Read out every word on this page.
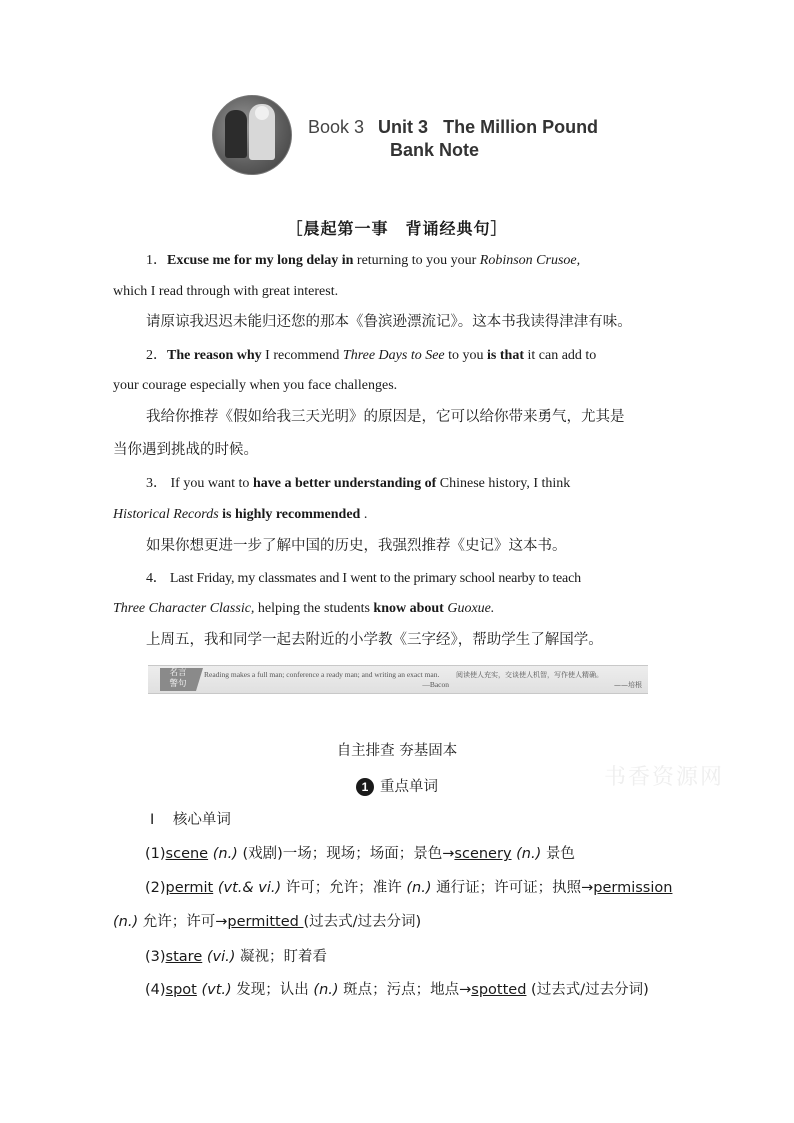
Book 3 Unit 3 The Million Pound
Bank Note
［晨起第一事　背诵经典句］
1．Excuse me for my long delay in returning to you your Robinson Crusoe,
which I read through with great interest.
请原谅我迟迟未能归还您的那本《鲁滨逊漂流记》。这本书我读得津津有味。
2．The reason why I recommend Three Days to See to you is that it can add to
your courage especially when you face challenges.
我给你推荐《假如给我三天光明》的原因是，它可以给你带来勇气，尤其是
当你遇到挑战的时候。
3． If you want to have a better understanding of Chinese history, I think
Historical Records is highly recommended .
如果你想更进一步了解中国的历史，我强烈推荐《史记》这本书。
4． Last Friday, my classmates and I went to the primary school nearby to teach
Three Character Classic, helping the students know about Guoxue.
上周五，我和同学一起去附近的小学教《三字经》，帮助学生了解国学。
名言
警句
Reading makes a full man; conference a ready man; and writing an exact man.
—Bacon
阅读使人充实，交谈使人机智，写作使人精确。
——培根
自主排查 夯基固本
书香资源网
1 重点单词
Ⅰ 核心单词
(1)scene (n.) (戏剧)一场；现场；场面；景色→scenery (n.) 景色
(2)permit (vt.& vi.) 许可；允许；准许 (n.) 通行证；许可证；执照→permission
(n.) 允许；许可→permitted (过去式/过去分词)
(3)stare (vi.) 凝视；盯着看
(4)spot (vt.) 发现；认出 (n.) 斑点；污点；地点→spotted (过去式/过去分词)
